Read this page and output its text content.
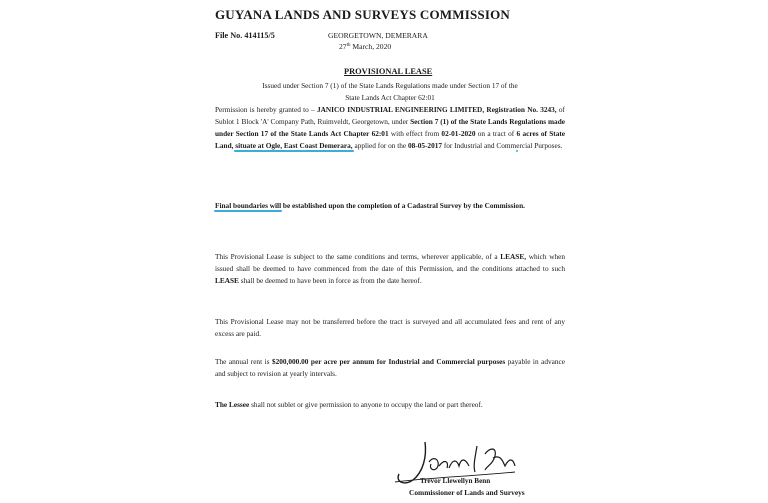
GUYANA LANDS AND SURVEYS COMMISSION
File No. 414115/5	GEORGETOWN, DEMERARA
27th March, 2020
PROVISIONAL LEASE
Issued under Section 7 (1) of the State Lands Regulations made under Section 17 of the
State Lands Act Chapter 62:01
Permission is hereby granted to – JANICO INDUSTRIAL ENGINEERING LIMITED, Registration No. 3243, of Sublot 1 Block 'A' Company Path, Ruimveldt, Georgetown, under Section 7 (1) of the State Lands Regulations made under Section 17 of the State Lands Act Chapter 62:01 with effect from 02-01-2020 on a tract of 6 acres of State Land, situate at Ogle, East Coast Demerara, applied for on the 08-05-2017 for Industrial and Commercial Purposes.
Final boundaries will be established upon the completion of a Cadastral Survey by the Commission.
This Provisional Lease is subject to the same conditions and terms, wherever applicable, of a LEASE, which when issued shall be deemed to have commenced from the date of this Permission, and the conditions attached to such LEASE shall be deemed to have been in force as from the date hereof.
This Provisional Lease may not be transferred before the tract is surveyed and all accumulated fees and rent of any excess are paid.
The annual rent is $200,000.00 per acre per annum for Industrial and Commercial purposes payable in advance and subject to revision at yearly intervals.
The Lessee shall not sublet or give permission to anyone to occupy the land or part thereof.
Trevor Llewellyn Benn
Commissioner of Lands and Surveys
